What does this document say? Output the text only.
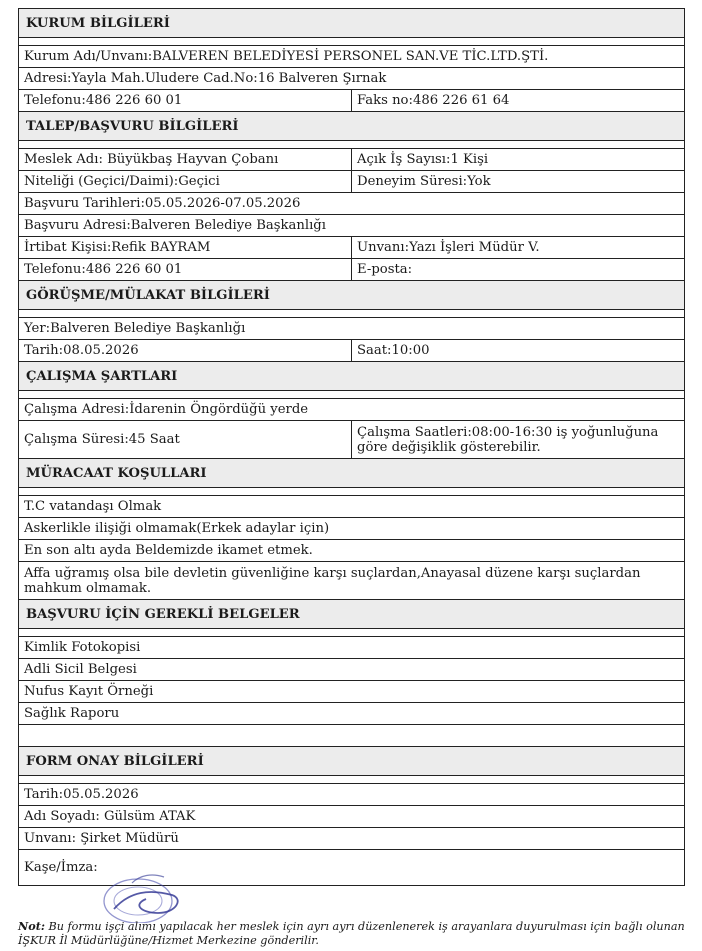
KURUM BİLGİLERİ	

Kurum Adı/Unvanı:BALVEREN BELEDİYESİ PERSONEL SAN.VE TİC.LTD.ŞTİ.	
Adresi:Yayla Mah.Uludere Cad.No:16 Balveren Şırnak	
Telefonu:486 226 60 01	Faks no:486 226 61 64
TALEP/BAŞVURU BİLGİLERİ	

Meslek Adı: Büyükbaş Hayvan Çobanı	Açık İş Sayısı:1 Kişi
Niteliği (Geçici/Daimi):Geçici	Deneyim Süresi:Yok
Başvuru Tarihleri:05.05.2026-07.05.2026	
Başvuru Adresi:Balveren Belediye Başkanlığı	
İrtibat Kişisi:Refik BAYRAM	Unvanı:Yazı İşleri Müdür V.
Telefonu:486 226 60 01	E-posta:
GÖRÜŞME/MÜLAKAT BİLGİLERİ	

Yer:Balveren Belediye Başkanlığı	
Tarih:08.05.2026	Saat:10:00
ÇALIŞMA ŞARTLARI	

Çalışma Adresi:İdarenin Öngördüğü yerde	
Çalışma Süresi:45 Saat	Çalışma Saatleri:08:00-16:30 iş yoğunluğuna göre değişiklik gösterebilir.
MÜRACAAT KOŞULLARI	

T.C vatandaşı Olmak	
Askerlikle ilişiği olmamak(Erkek adaylar için)	
En son altı ayda Beldemizde ikamet etmek.	
Affa uğramış olsa bile devletin güvenliğine karşı suçlardan,Anayasal düzene karşı suçlardan mahkum olmamak.	
BAŞVURU İÇİN GEREKLİ BELGELER	

Kimlik Fotokopisi	
Adli Sicil Belgesi	
Nufus Kayıt Örneği	
Sağlık Raporu	

FORM ONAY BİLGİLERİ	

Tarih:05.05.2026	
Adı Soyadı: Gülsüm ATAK	
Unvanı: Şirket Müdürü	
Kaşe/İmza:	
Not: Bu formu işçi alımı yapılacak her meslek için ayrı ayrı düzenlenerek iş arayanlara duyurulması için bağlı olunan İŞKUR İl Müdürlüğüne/Hizmet Merkezine gönderilir.
